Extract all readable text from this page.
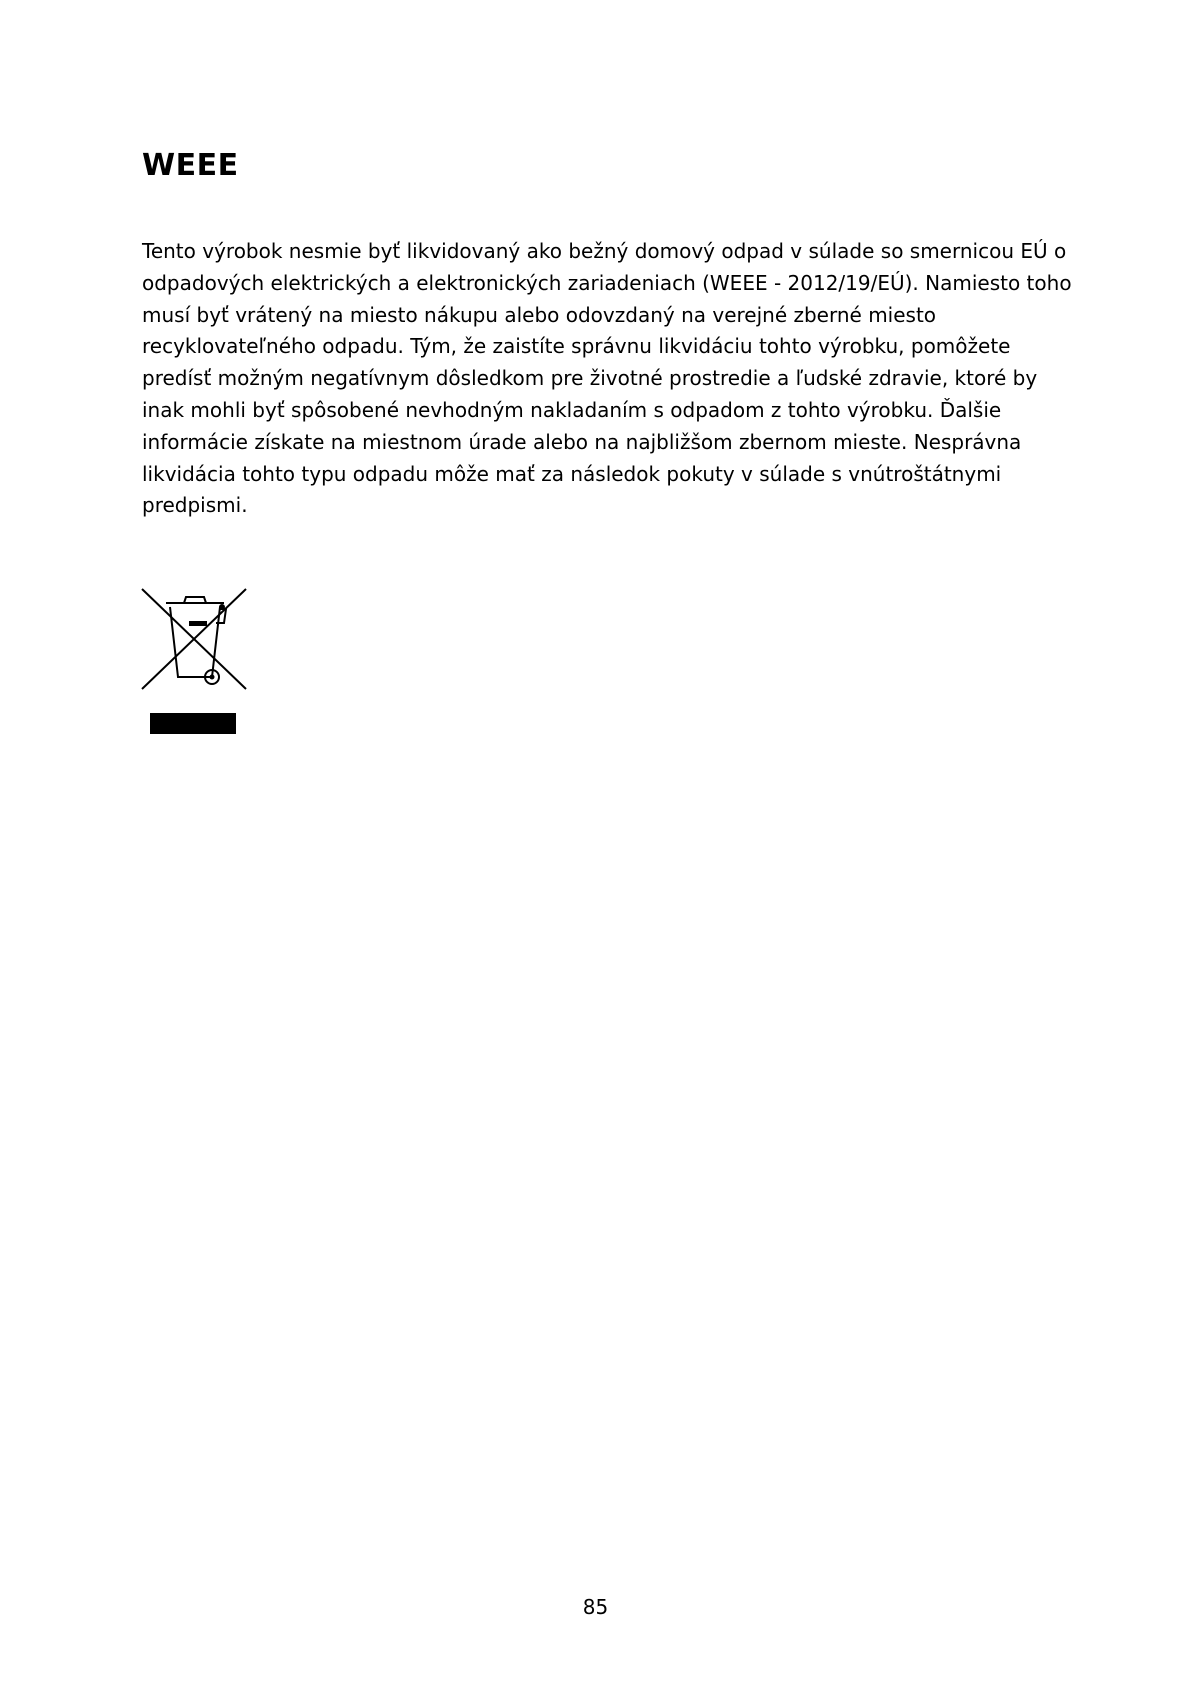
WEEE

Tento výrobok nesmie byť likvidovaný ako bežný domový odpad v súlade so smernicou EÚ o odpadových elektrických a elektronických zariadeniach (WEEE - 2012/19/EÚ). Namiesto toho musí byť vrátený na miesto nákupu alebo odovzdaný na verejné zberné miesto recyklovateľného odpadu. Tým, že zaistíte správnu likvidáciu tohto výrobku, pomôžete predísť možným negatívnym dôsledkom pre životné prostredie a ľudské zdravie, ktoré by inak mohli byť spôsobené nevhodným nakladaním s odpadom z tohto výrobku. Ďalšie informácie získate na miestnom úrade alebo na najbližšom zbernom mieste. Nesprávna likvidácia tohto typu odpadu môže mať za následok pokuty v súlade s vnútroštátnymi predpismi.

85
